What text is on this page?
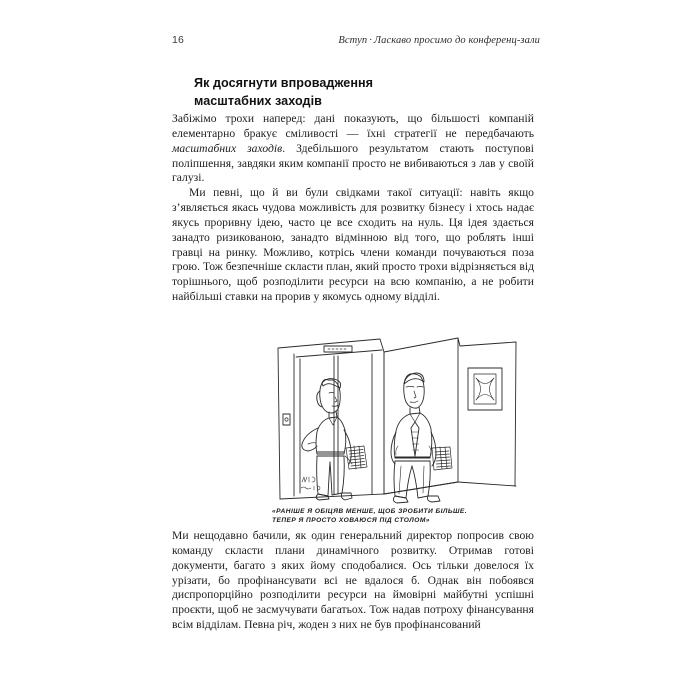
16	Вступ · Ласкаво просимо до конференц-зали
Як досягнути впровадження
масштабних заходів

Забіжімо трохи наперед: дані показують, що більшості компаній елементарно бракує сміливості — їхні стратегії не передбачають масштабних заходів. Здебільшого результатом стають поступові поліпшення, завдяки яким компанії просто не вибиваються з лав у своїй галузі.

Ми певні, що й ви були свідками такої ситуації: навіть якщо з’являється якась чудова можливість для розвитку бізнесу і хтось надає якусь проривну ідею, часто це все сходить на нуль. Ця ідея здається занадто ризикованою, занадто відмінною від того, що роблять інші гравці на ринку. Можливо, котрісь члени команди почуваються поза грою. Тож безпечніше скласти план, який просто трохи відрізняється від торішнього, щоб розподілити ресурси на всю компанію, а не робити найбільші ставки на прорив у якомусь одному відділі.

«РАНІШЕ Я ОБІЦЯВ МЕНШЕ, ЩОБ ЗРОБИТИ БІЛЬШЕ.
ТЕПЕР Я ПРОСТО ХОВАЮСЯ ПІД СТОЛОМ»

Ми нещодавно бачили, як один генеральний директор попросив свою команду скласти плани динамічного розвитку. Отримав готові документи, багато з яких йому сподобалися. Ось тільки довелося їх урізати, бо профінансувати всі не вдалося б. Однак він побоявся диспропорційно розподілити ресурси на ймовірні майбутні успішні проєкти, щоб не засмучувати багатьох. Тож надав потроху фінансування всім відділам. Певна річ, жоден з них не був профінансований
